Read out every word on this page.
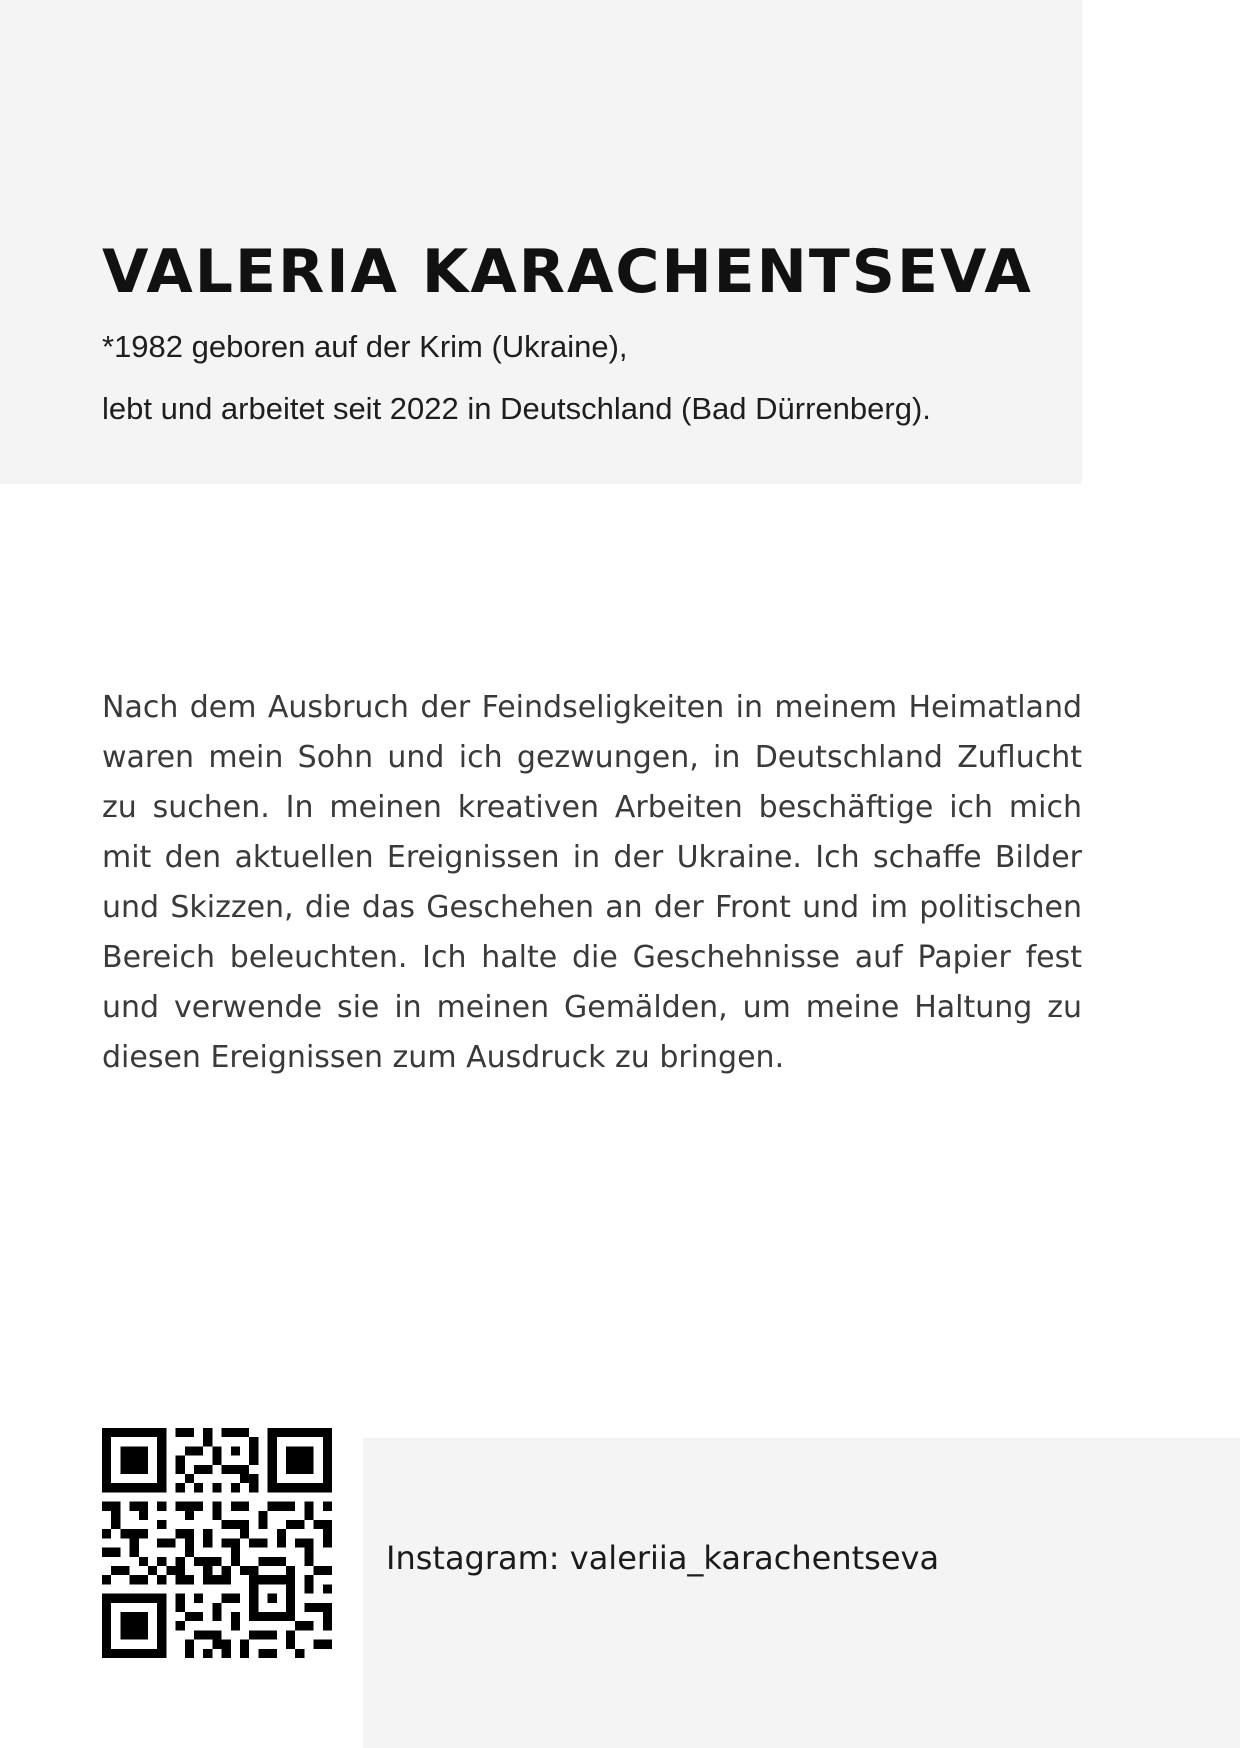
VALERIA KARACHENTSEVA

*1982 geboren auf der Krim (Ukraine),

lebt und arbeitet seit 2022 in Deutschland (Bad Dürrenberg).

Nach dem Ausbruch der Feindseligkeiten in meinem Heimatland waren mein Sohn und ich gezwungen, in Deutschland Zuflucht zu suchen. In meinen kreativen Arbeiten beschäftige ich mich mit den aktuellen Ereignissen in der Ukraine. Ich schaffe Bilder und Skizzen, die das Geschehen an der Front und im politischen Bereich beleuchten. Ich halte die Geschehnisse auf Papier fest und verwende sie in meinen Gemälden, um meine Haltung zu diesen Ereignissen zum Ausdruck zu bringen.

Instagram: valeriia_karachentseva
